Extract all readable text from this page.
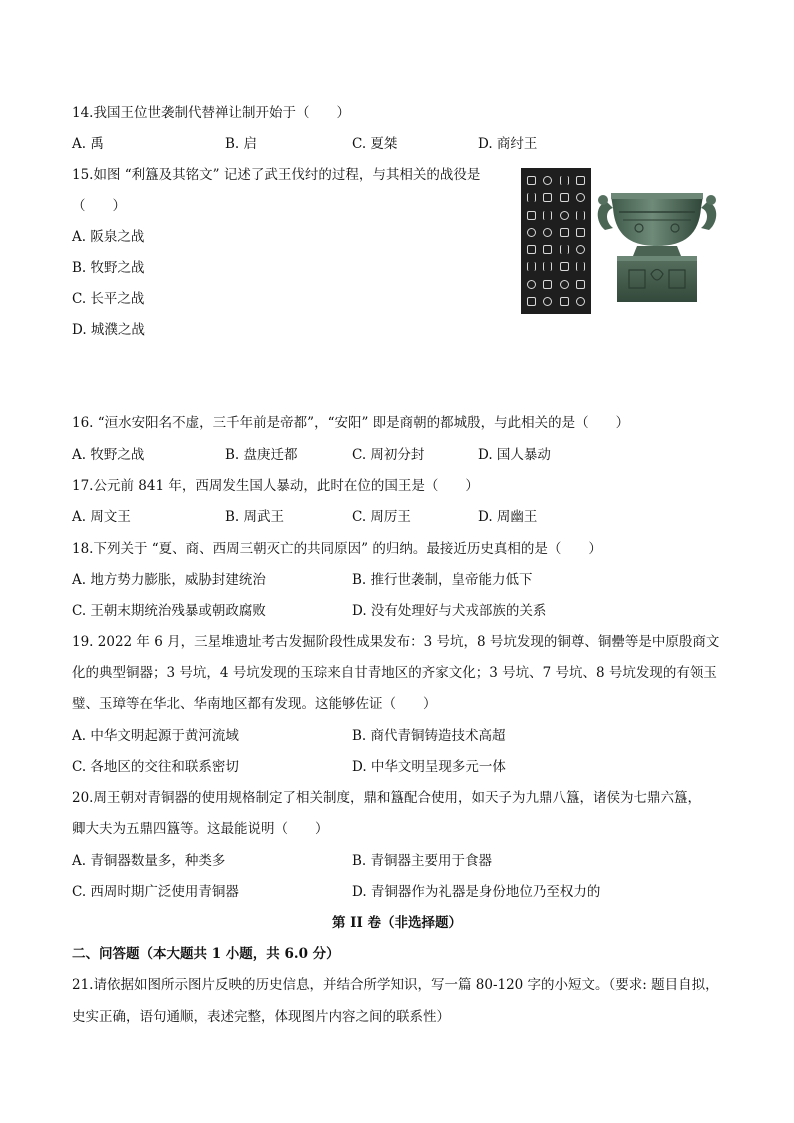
14.我国王位世袭制代替禅让制开始于（　　）
A. 禹	B. 启	C. 夏桀	D. 商纣王
15.如图 “利簋及其铭文” 记述了武王伐纣的过程，与其相关的战役是
（　　）
A. 阪泉之战
B. 牧野之战
C. 长平之战
D. 城濮之战
16. “洹水安阳名不虚，三千年前是帝都”，“安阳” 即是商朝的都城殷，与此相关的是（　　）
A. 牧野之战	B. 盘庚迁都	C. 周初分封	D. 国人暴动
17.公元前 841 年，西周发生国人暴动，此时在位的国王是（　　）
A. 周文王	B. 周武王	C. 周厉王	D. 周幽王
18.下列关于 “夏、商、西周三朝灭亡的共同原因” 的归纳。最接近历史真相的是（　　）
A. 地方势力膨胀，威胁封建统治	B. 推行世袭制，皇帝能力低下
C. 王朝末期统治残暴或朝政腐败	D. 没有处理好与犬戎部族的关系
19. 2022 年 6 月，三星堆遗址考古发掘阶段性成果发布：3 号坑，8 号坑发现的铜尊、铜罍等是中原殷商文
化的典型铜器；3 号坑，4 号坑发现的玉琮来自甘青地区的齐家文化；3 号坑、7 号坑、8 号坑发现的有领玉
璧、玉璋等在华北、华南地区都有发现。这能够佐证（　　）
A. 中华文明起源于黄河流域	B. 商代青铜铸造技术高超
C. 各地区的交往和联系密切	D. 中华文明呈现多元一体
20.周王朝对青铜器的使用规格制定了相关制度，鼎和簋配合使用，如天子为九鼎八簋，诸侯为七鼎六簋，
卿大夫为五鼎四簋等。这最能说明（　　）
A. 青铜器数量多，种类多	B. 青铜器主要用于食器
C. 西周时期广泛使用青铜器	D. 青铜器作为礼器是身份地位乃至权力的
第 II 卷（非选择题）
二、问答题（本大题共 1 小题，共 6.0 分）
21.请依据如图所示图片反映的历史信息，并结合所学知识，写一篇 80-120 字的小短文。（要求: 题目自拟，
史实正确，语句通顺，表述完整，体现图片内容之间的联系性）
